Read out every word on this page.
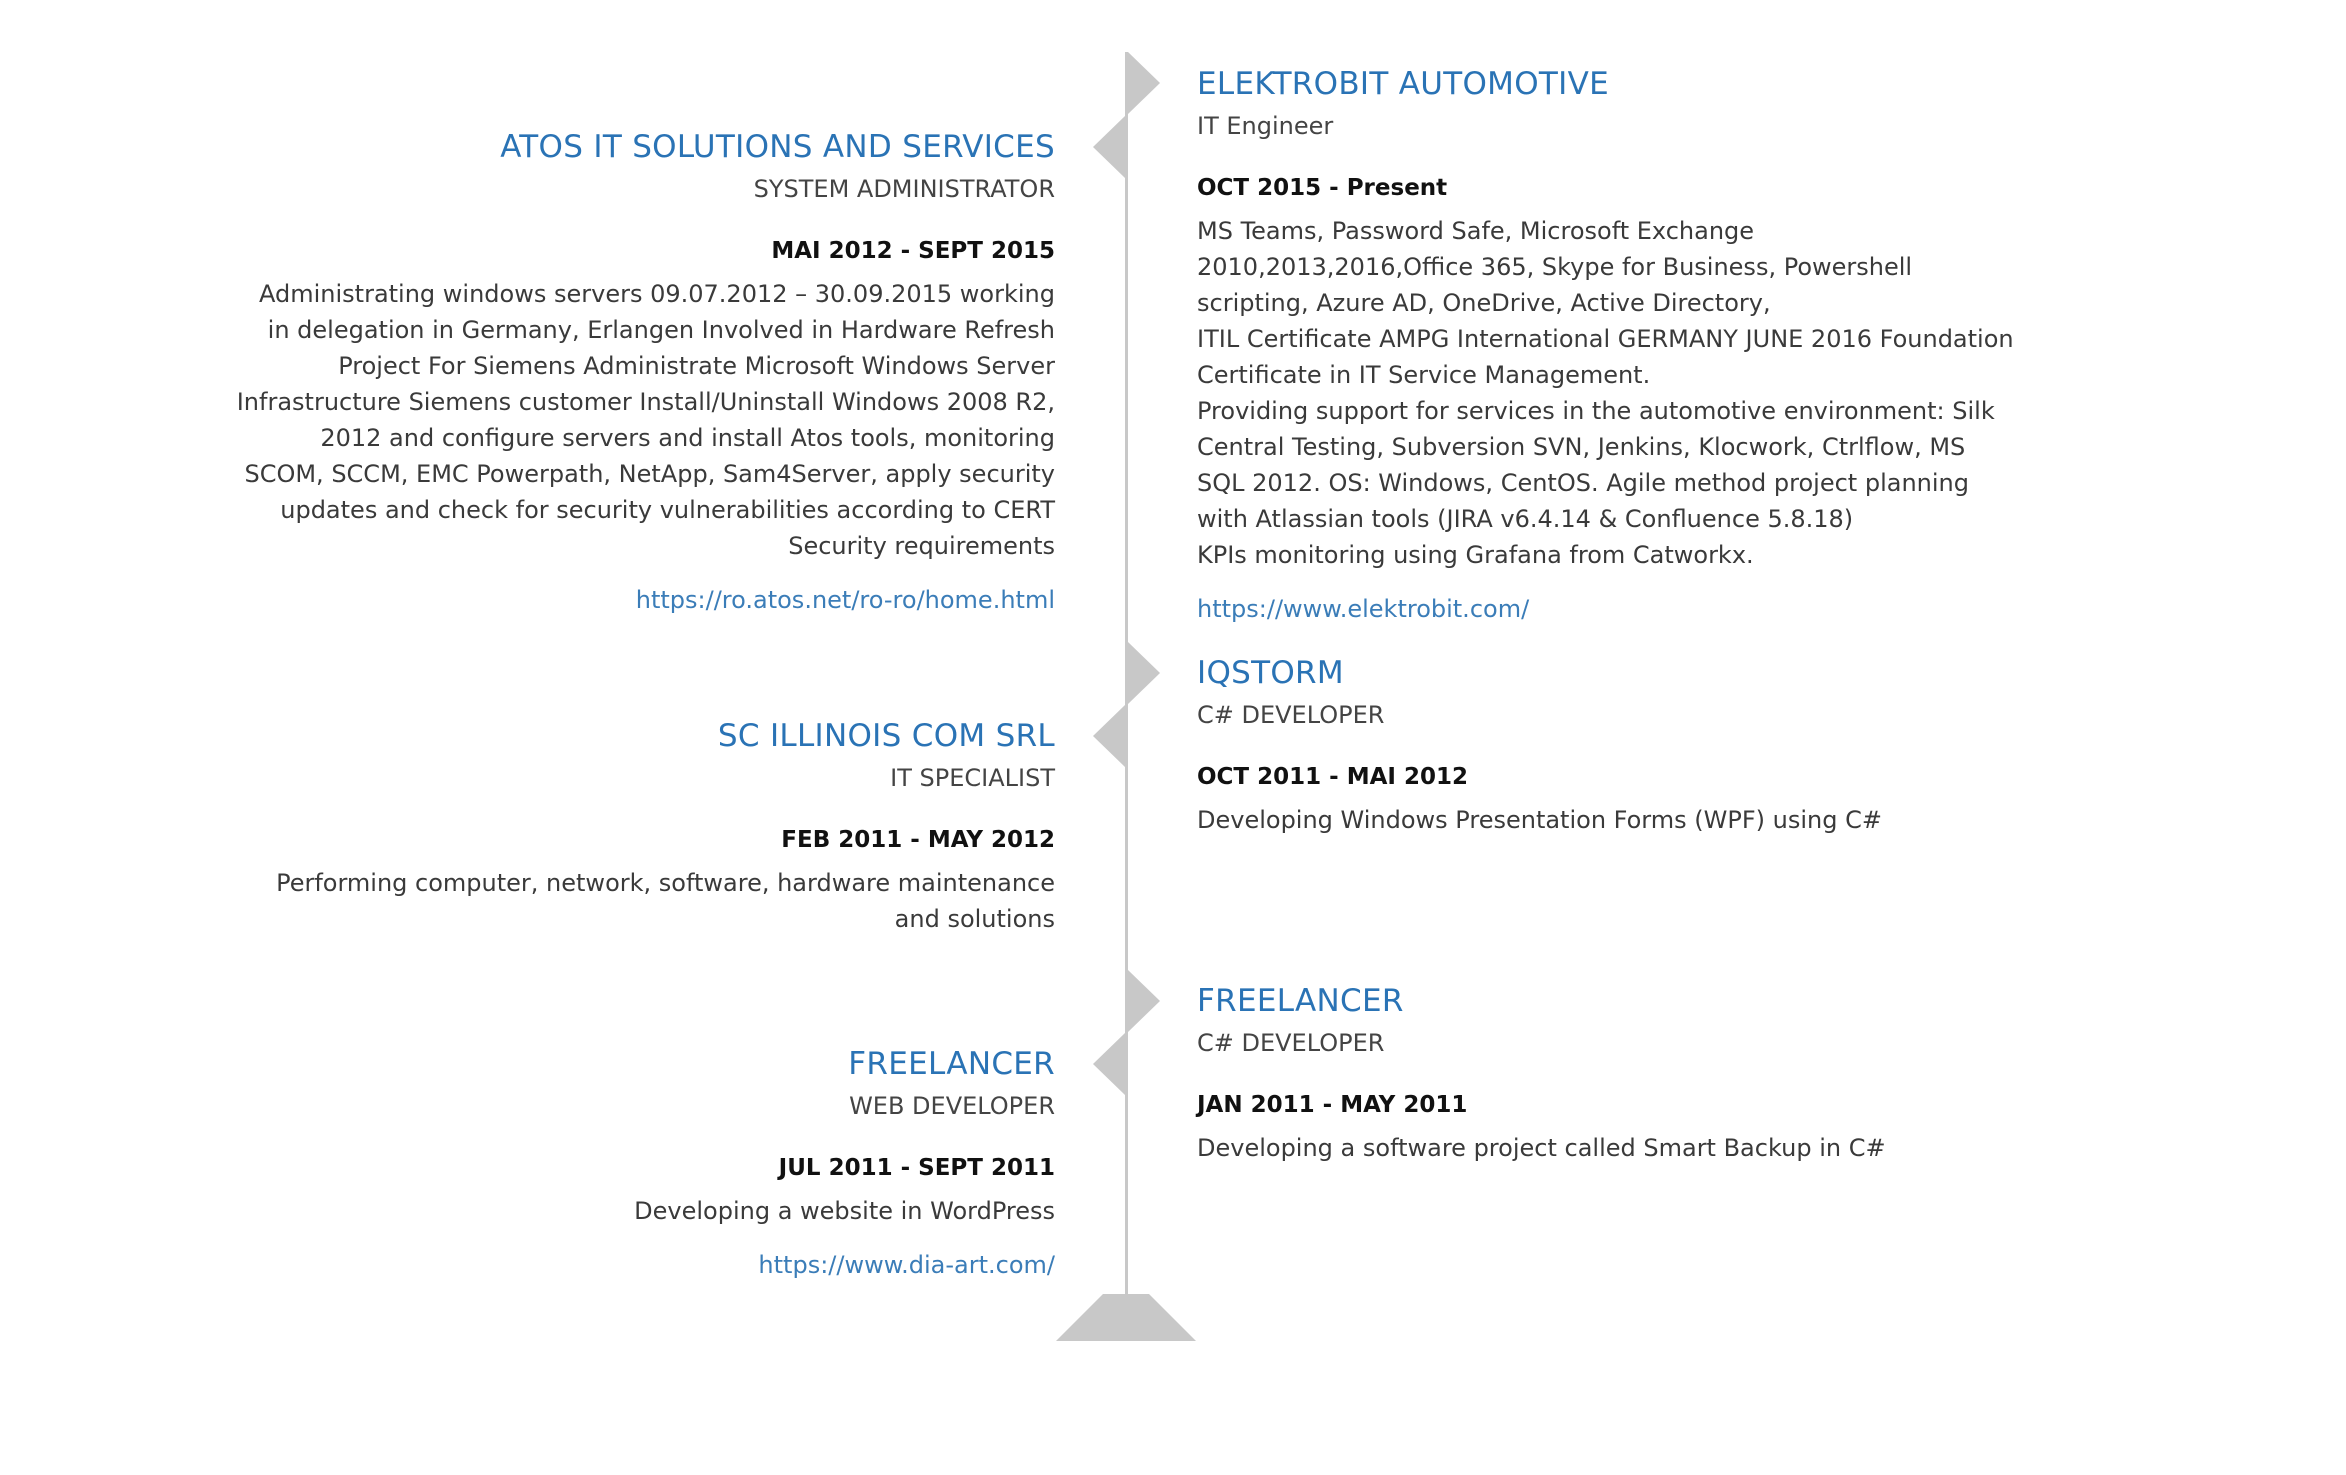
ATOS IT SOLUTIONS AND SERVICES
SYSTEM ADMINISTRATOR
MAI 2012 - SEPT 2015
Administrating windows servers 09.07.2012 – 30.09.2015 working in delegation in Germany, Erlangen Involved in Hardware Refresh Project For Siemens Administrate Microsoft Windows Server Infrastructure Siemens customer Install/Uninstall Windows 2008 R2, 2012 and configure servers and install Atos tools, monitoring SCOM, SCCM, EMC Powerpath, NetApp, Sam4Server, apply security updates and check for security vulnerabilities according to CERT Security requirements
https://ro.atos.net/ro-ro/home.html
SC ILLINOIS COM SRL
IT SPECIALIST
FEB 2011 - MAY 2012
Performing computer, network, software, hardware maintenance and solutions
FREELANCER
WEB DEVELOPER
JUL 2011 - SEPT 2011
Developing a website in WordPress
https://www.dia-art.com/
ELEKTROBIT AUTOMOTIVE
IT Engineer
OCT 2015 - Present

MS Teams, Password Safe, Microsoft Exchange 2010,2013,2016,Office 365, Skype for Business, Powershell scripting, Azure AD, OneDrive, Active Directory,

ITIL Certificate AMPG International GERMANY JUNE 2016 Foundation Certificate in IT Service Management.

Providing support for services in the automotive environment: Silk Central Testing, Subversion SVN, Jenkins, Klocwork, Ctrlflow, MS SQL 2012. OS: Windows, CentOS. Agile method project planning with Atlassian tools (JIRA v6.4.14 & Confluence 5.8.18)

KPIs monitoring using Grafana from Catworkx.

https://www.elektrobit.com/
IQSTORM
C# DEVELOPER
OCT 2011 - MAI 2012
Developing Windows Presentation Forms (WPF) using C#
FREELANCER
C# DEVELOPER
JAN 2011 - MAY 2011
Developing a software project called Smart Backup in C#
